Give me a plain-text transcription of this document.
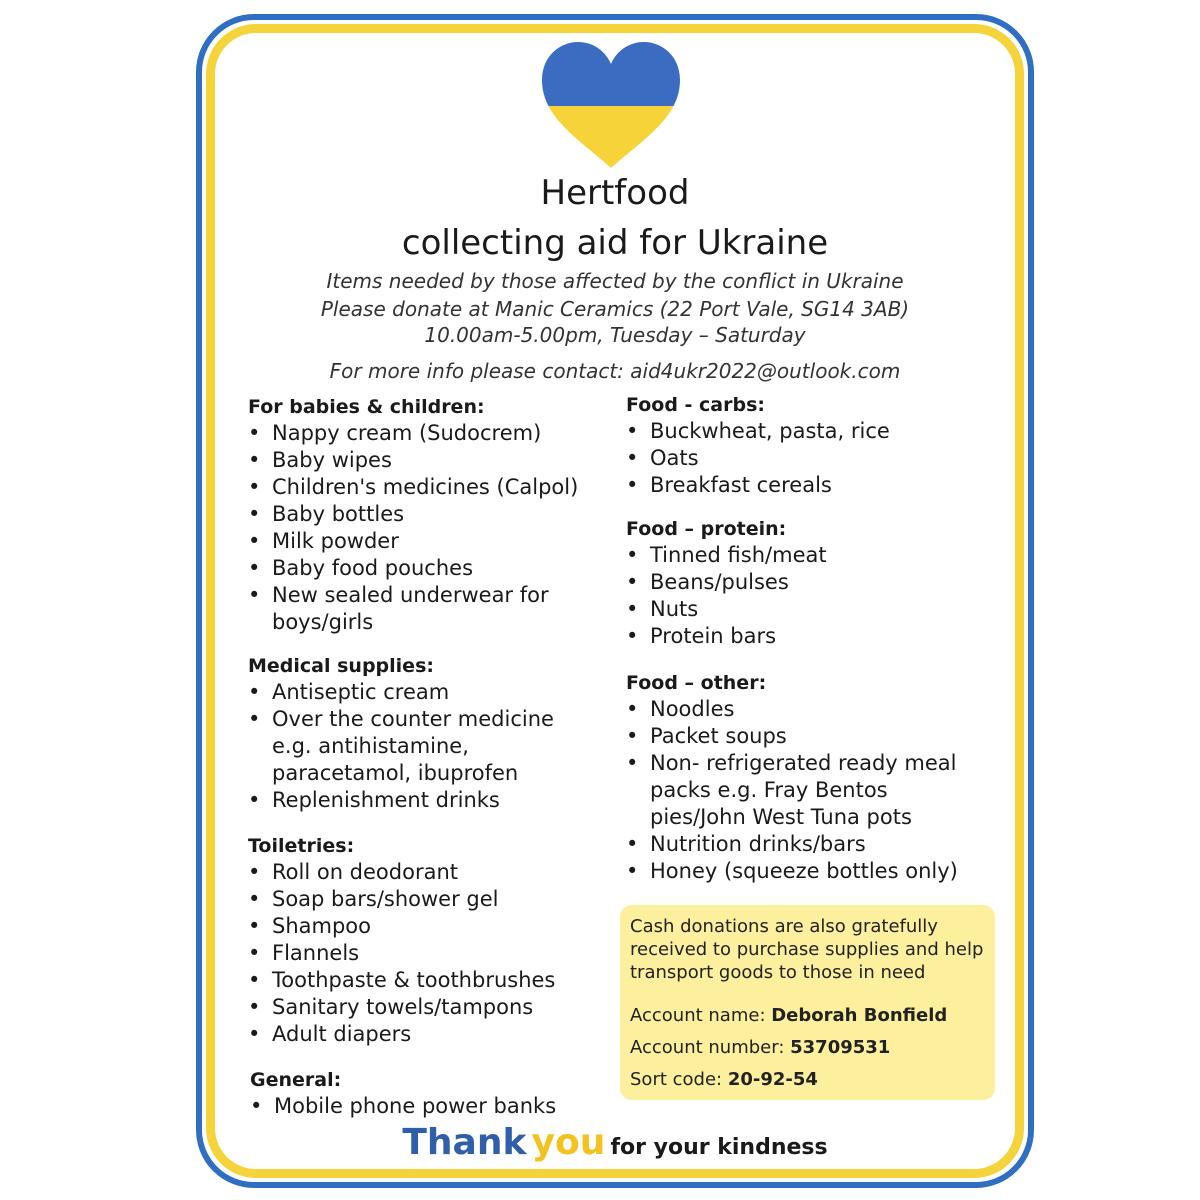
Hertfood
collecting aid for Ukraine
Items needed by those affected by the conflict in Ukraine
Please donate at Manic Ceramics (22 Port Vale, SG14 3AB)
10.00am-5.00pm, Tuesday – Saturday
For more info please contact: aid4ukr2022@outlook.com

For babies & children:

• Nappy cream (Sudocrem)
• Baby wipes
• Children's medicines (Calpol)
• Baby bottles
• Milk powder
• Baby food pouches
• New sealed underwear for boys/girls

Medical supplies:

• Antiseptic cream
• Over the counter medicine e.g. antihistamine, paracetamol, ibuprofen
• Replenishment drinks

Toiletries:

• Roll on deodorant
• Soap bars/shower gel
• Shampoo
• Flannels
• Toothpaste & toothbrushes
• Sanitary towels/tampons
• Adult diapers

General:

• Mobile phone power banks

Food - carbs:

• Buckwheat, pasta, rice
• Oats
• Breakfast cereals

Food – protein:

• Tinned fish/meat
• Beans/pulses
• Nuts
• Protein bars

Food – other:

• Noodles
• Packet soups
• Non- refrigerated ready meal packs e.g. Fray Bentos pies/John West Tuna pots
• Nutrition drinks/bars
• Honey (squeeze bottles only)
Cash donations are also gratefully received to purchase supplies and help transport goods to those in need
Account name: Deborah Bonfield
Account number: 53709531
Sort code: 20-92-54
Thank you for your kindness
